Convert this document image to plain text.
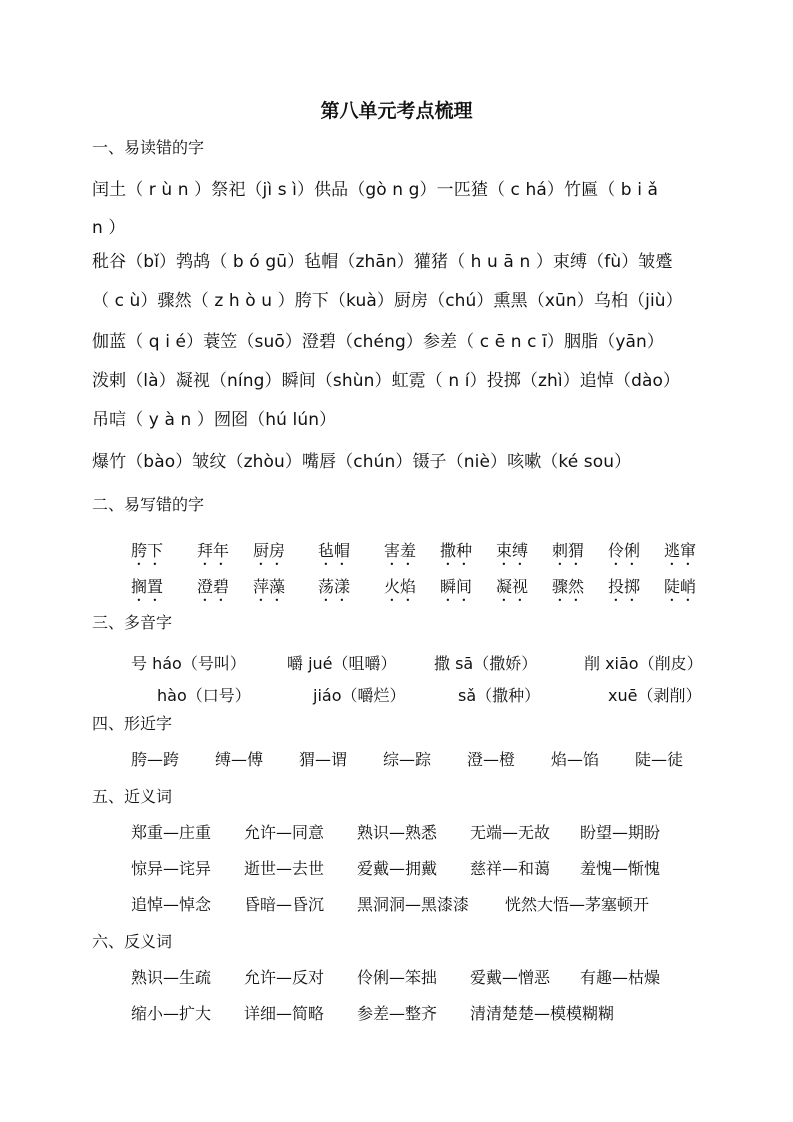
第八单元考点梳理
一、易读错的字
闰土（ r ù n ）祭祀（jì s ì）供品（gò n g）一匹猹（ c há）竹匾（ b i ǎ
n ）
秕谷（bǐ）鹁鸪（ b ó gū）毡帽（zhān）獾猪（ h u ā n ）束缚（fù）皱蹙
（ c ù）骤然（ z h ò u ）胯下（kuà）厨房（chú）熏黑（xūn）乌桕（jiù）
伽蓝（ q i é）蓑笠（suō）澄碧（chéng）参差（ c ē n c ī）胭脂（yān）
泼剌（là）凝视（níng）瞬间（shùn）虹霓（ n í）投掷（zhì）追悼（dào）
吊唁（ y à n ）囫囵（hú lún）
爆竹（bào）皱纹（zhòu）嘴唇（chún）镊子（niè）咳嗽（ké sou）
二、易写错的字
胯下 拜年 厨房 毡帽 害羞 撒种 束缚 刺猬 伶俐 逃窜
搁置 澄碧 萍藻 荡漾 火焰 瞬间 凝视 骤然 投掷 陡峭
三、多音字
号 háo（号叫）	嚼 jué（咀嚼） 撒 sā（撒娇）	削 xiāo（削皮）
hào（口号）	jiáo（嚼烂）	sǎ（撒种）	xuē（剥削）
四、形近字
胯—跨 缚—傅 猬—谓 综—踪 澄—橙 焰—馅 陡—徒
五、近义词
郑重—庄重 允许—同意 熟识—熟悉 无端—无故 盼望—期盼
惊异—诧异 逝世—去世 爱戴—拥戴 慈祥—和蔼 羞愧—惭愧
追悼—悼念 昏暗—昏沉 黑洞洞—黑漆漆 恍然大悟—茅塞顿开
六、反义词
熟识—生疏 允许—反对 伶俐—笨拙 爱戴—憎恶 有趣—枯燥
缩小—扩大 详细—简略 参差—整齐 清清楚楚—模模糊糊
